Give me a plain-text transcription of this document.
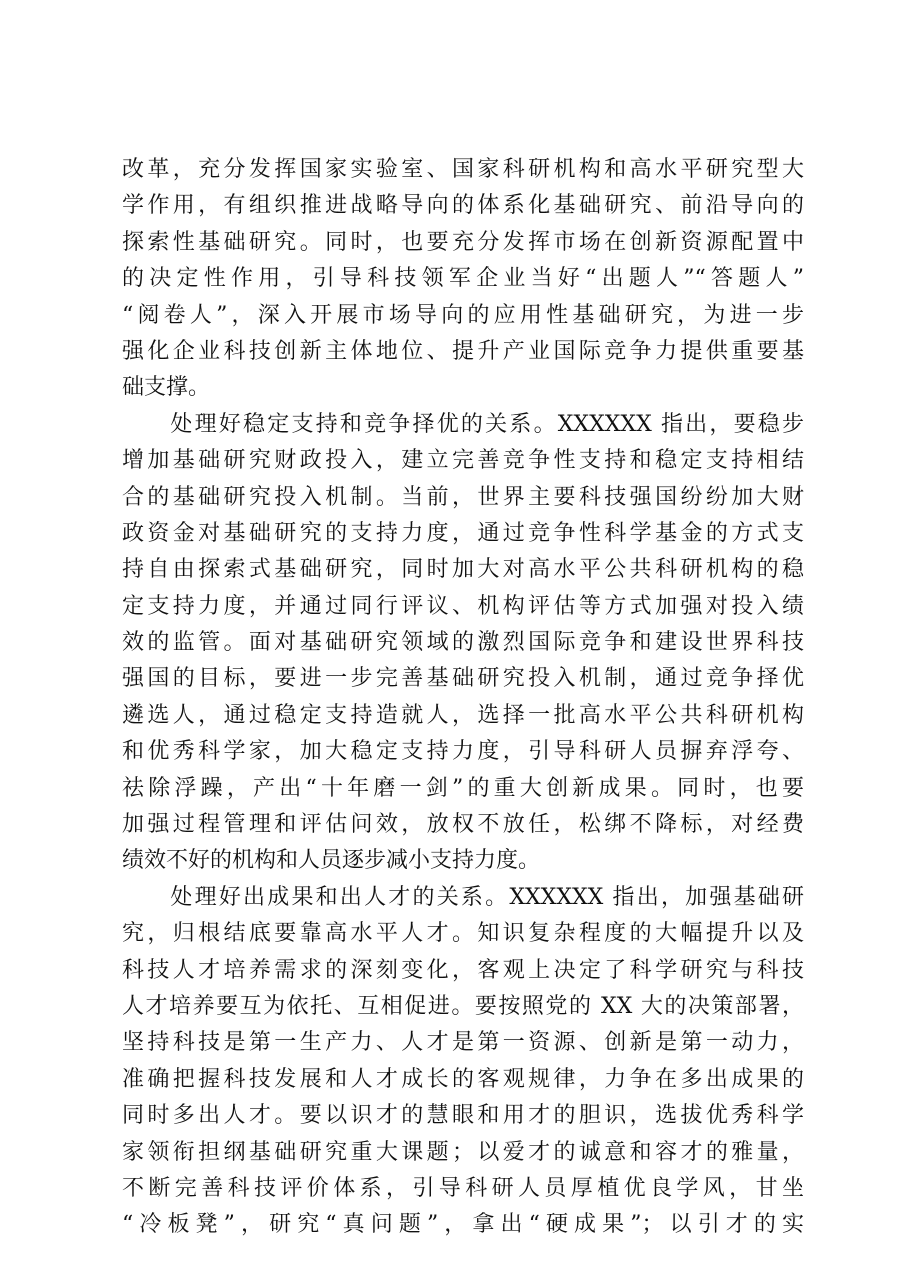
改革，充分发挥国家实验室、国家科研机构和高水平研究型大
学作用，有组织推进战略导向的体系化基础研究、前沿导向的
探索性基础研究。同时，也要充分发挥市场在创新资源配置中
的决定性作用，引导科技领军企业当好“出题人”“答题人”
“阅卷人”，深入开展市场导向的应用性基础研究，为进一步
强化企业科技创新主体地位、提升产业国际竞争力提供重要基
础支撑。
　　处理好稳定支持和竞争择优的关系。XXXXXX 指出，要稳步
增加基础研究财政投入，建立完善竞争性支持和稳定支持相结
合的基础研究投入机制。当前，世界主要科技强国纷纷加大财
政资金对基础研究的支持力度，通过竞争性科学基金的方式支
持自由探索式基础研究，同时加大对高水平公共科研机构的稳
定支持力度，并通过同行评议、机构评估等方式加强对投入绩
效的监管。面对基础研究领域的激烈国际竞争和建设世界科技
强国的目标，要进一步完善基础研究投入机制，通过竞争择优
遴选人，通过稳定支持造就人，选择一批高水平公共科研机构
和优秀科学家，加大稳定支持力度，引导科研人员摒弃浮夸、
祛除浮躁，产出“十年磨一剑”的重大创新成果。同时，也要
加强过程管理和评估问效，放权不放任，松绑不降标，对经费
绩效不好的机构和人员逐步减小支持力度。
　　处理好出成果和出人才的关系。XXXXXX 指出，加强基础研
究，归根结底要靠高水平人才。知识复杂程度的大幅提升以及
科技人才培养需求的深刻变化，客观上决定了科学研究与科技
人才培养要互为依托、互相促进。要按照党的 XX 大的决策部署，
坚持科技是第一生产力、人才是第一资源、创新是第一动力，
准确把握科技发展和人才成长的客观规律，力争在多出成果的
同时多出人才。要以识才的慧眼和用才的胆识，选拔优秀科学
家领衔担纲基础研究重大课题；以爱才的诚意和容才的雅量，
不断完善科技评价体系，引导科研人员厚植优良学风，甘坐
“冷板凳”，研究“真问题”，拿出“硬成果”；以引才的实
